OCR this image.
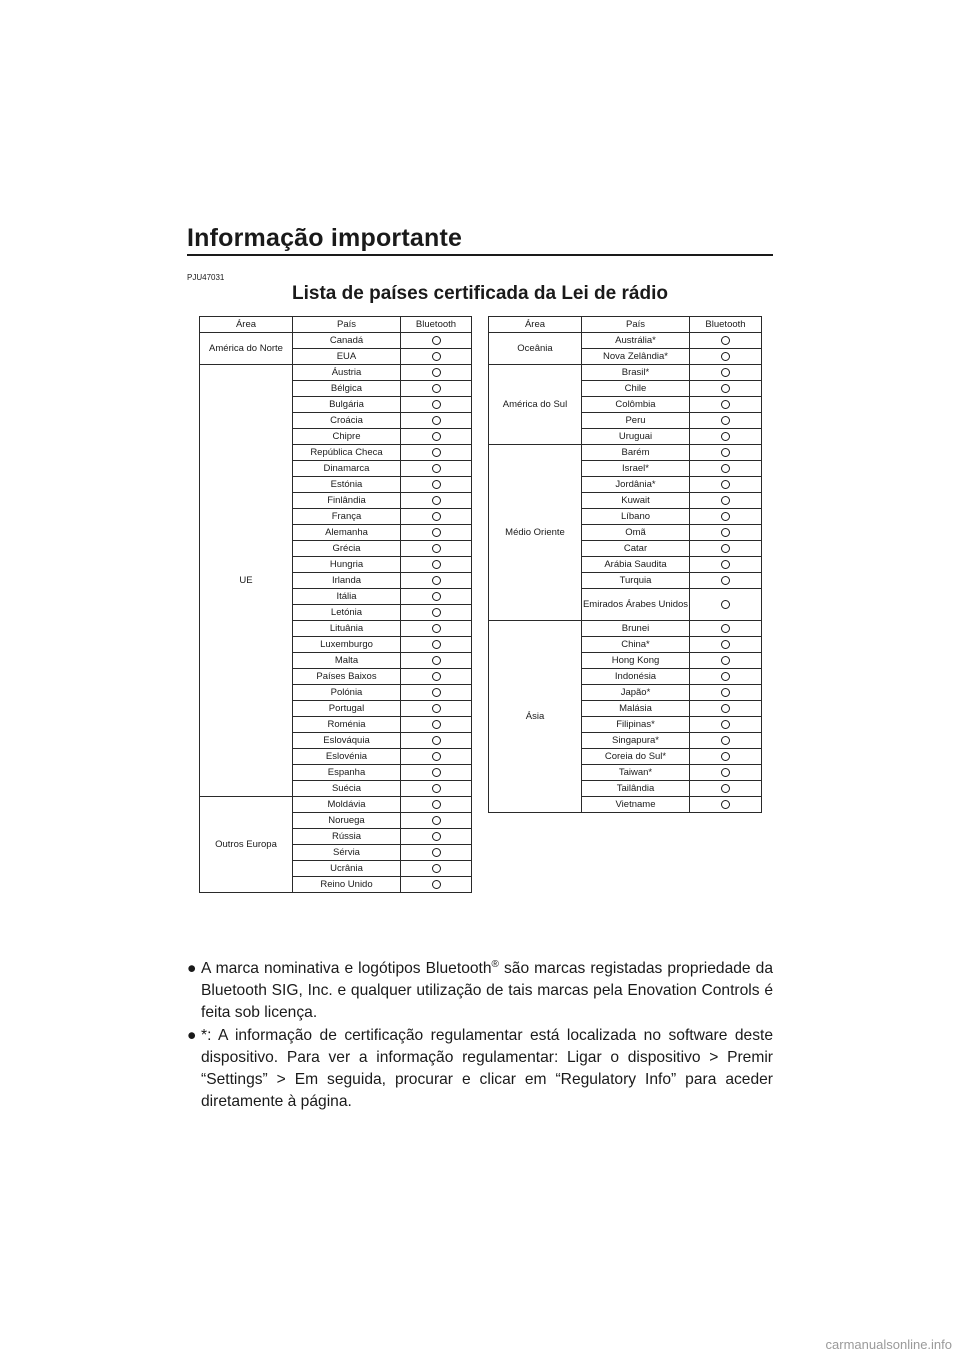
Informação importante
PJU47031
Lista de países certificada da Lei de rádio
Área	País	Bluetooth
América do Norte	Canadá	
	EUA	
UE	Áustria	
	Bélgica	
	Bulgária	
	Croácia	
	Chipre	
	República Checa	
	Dinamarca	
	Estónia	
	Finlândia	
	França	
	Alemanha	
	Grécia	
	Hungria	
	Irlanda	
	Itália	
	Letónia	
	Lituânia	
	Luxemburgo	
	Malta	
	Países Baixos	
	Polónia	
	Portugal	
	Roménia	
	Eslováquia	
	Eslovénia	
	Espanha	
	Suécia	
Outros Europa	Moldávia	
	Noruega	
	Rússia	
	Sérvia	
	Ucrânia	
	Reino Unido	
Área	País	Bluetooth
Oceânia	Austrália*	
	Nova Zelândia*	
América do Sul	Brasil*	
	Chile	
	Colômbia	
	Peru	
	Uruguai	
Médio Oriente	Barém	
	Israel*	
	Jordânia*	
	Kuwait	
	Líbano	
	Omã	
	Catar	
	Arábia Saudita	
	Turquia	
	Emirados Árabes Unidos	
Ásia	Brunei	
	China*	
	Hong Kong	
	Indonésia	
	Japão*	
	Malásia	
	Filipinas*	
	Singapura*	
	Coreia do Sul*	
	Taiwan*	
	Tailândia	
	Vietname	
● A marca nominativa e logótipos Bluetooth® são marcas registadas propriedade da Bluetooth SIG, Inc. e qualquer utilização de tais marcas pela Enovation Controls é feita sob licença.
● *: A informação de certificação regulamentar está localizada no software deste dispositivo. Para ver a informação regulamentar: Ligar o dispositivo > Premir “Settings” > Em seguida, procurar e clicar em “Regulatory Info” para aceder diretamente à página.
carmanualsonline.info
